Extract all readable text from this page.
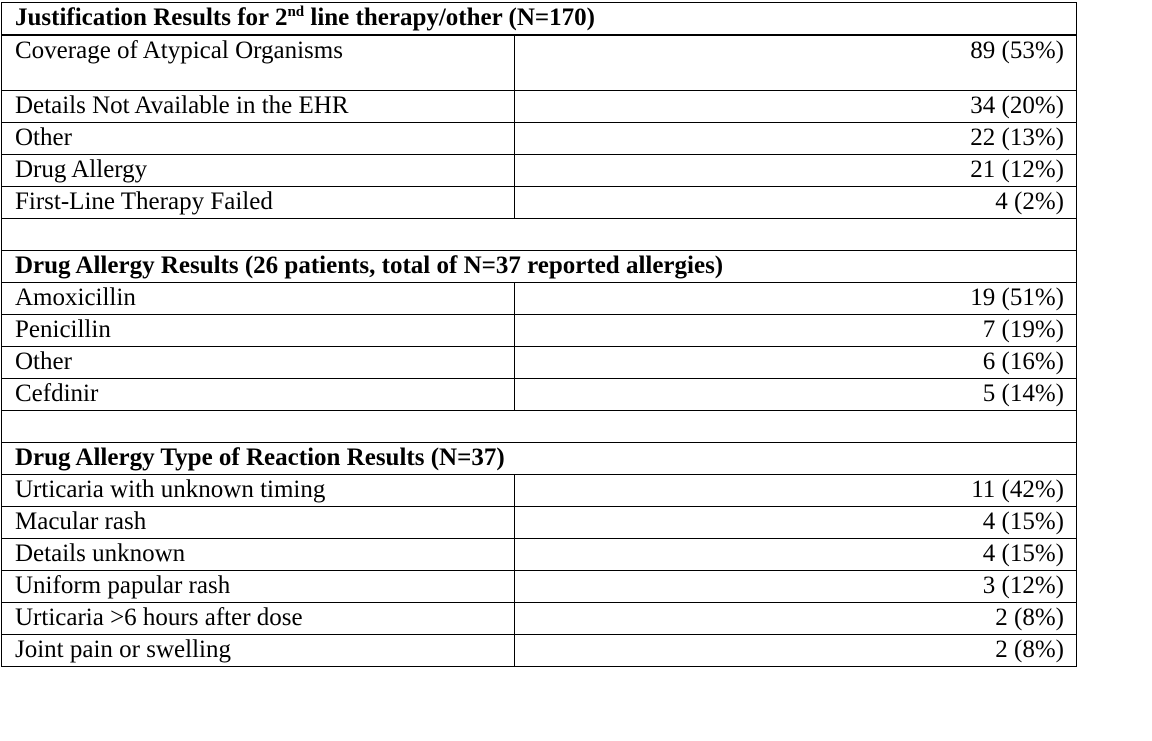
Justification Results for 2nd line therapy/other (N=170)	
Coverage of Atypical Organisms	89 (53%)
Details Not Available in the EHR	34 (20%)
Other	22 (13%)
Drug Allergy	21 (12%)
First-Line Therapy Failed	4 (2%)

Drug Allergy Results (26 patients, total of N=37 reported allergies)	
Amoxicillin	19 (51%)
Penicillin	7 (19%)
Other	6 (16%)
Cefdinir	5 (14%)

Drug Allergy Type of Reaction Results (N=37)	
Urticaria with unknown timing	11 (42%)
Macular rash	4 (15%)
Details unknown	4 (15%)
Uniform papular rash	3 (12%)
Urticaria >6 hours after dose	2 (8%)
Joint pain or swelling	2 (8%)
